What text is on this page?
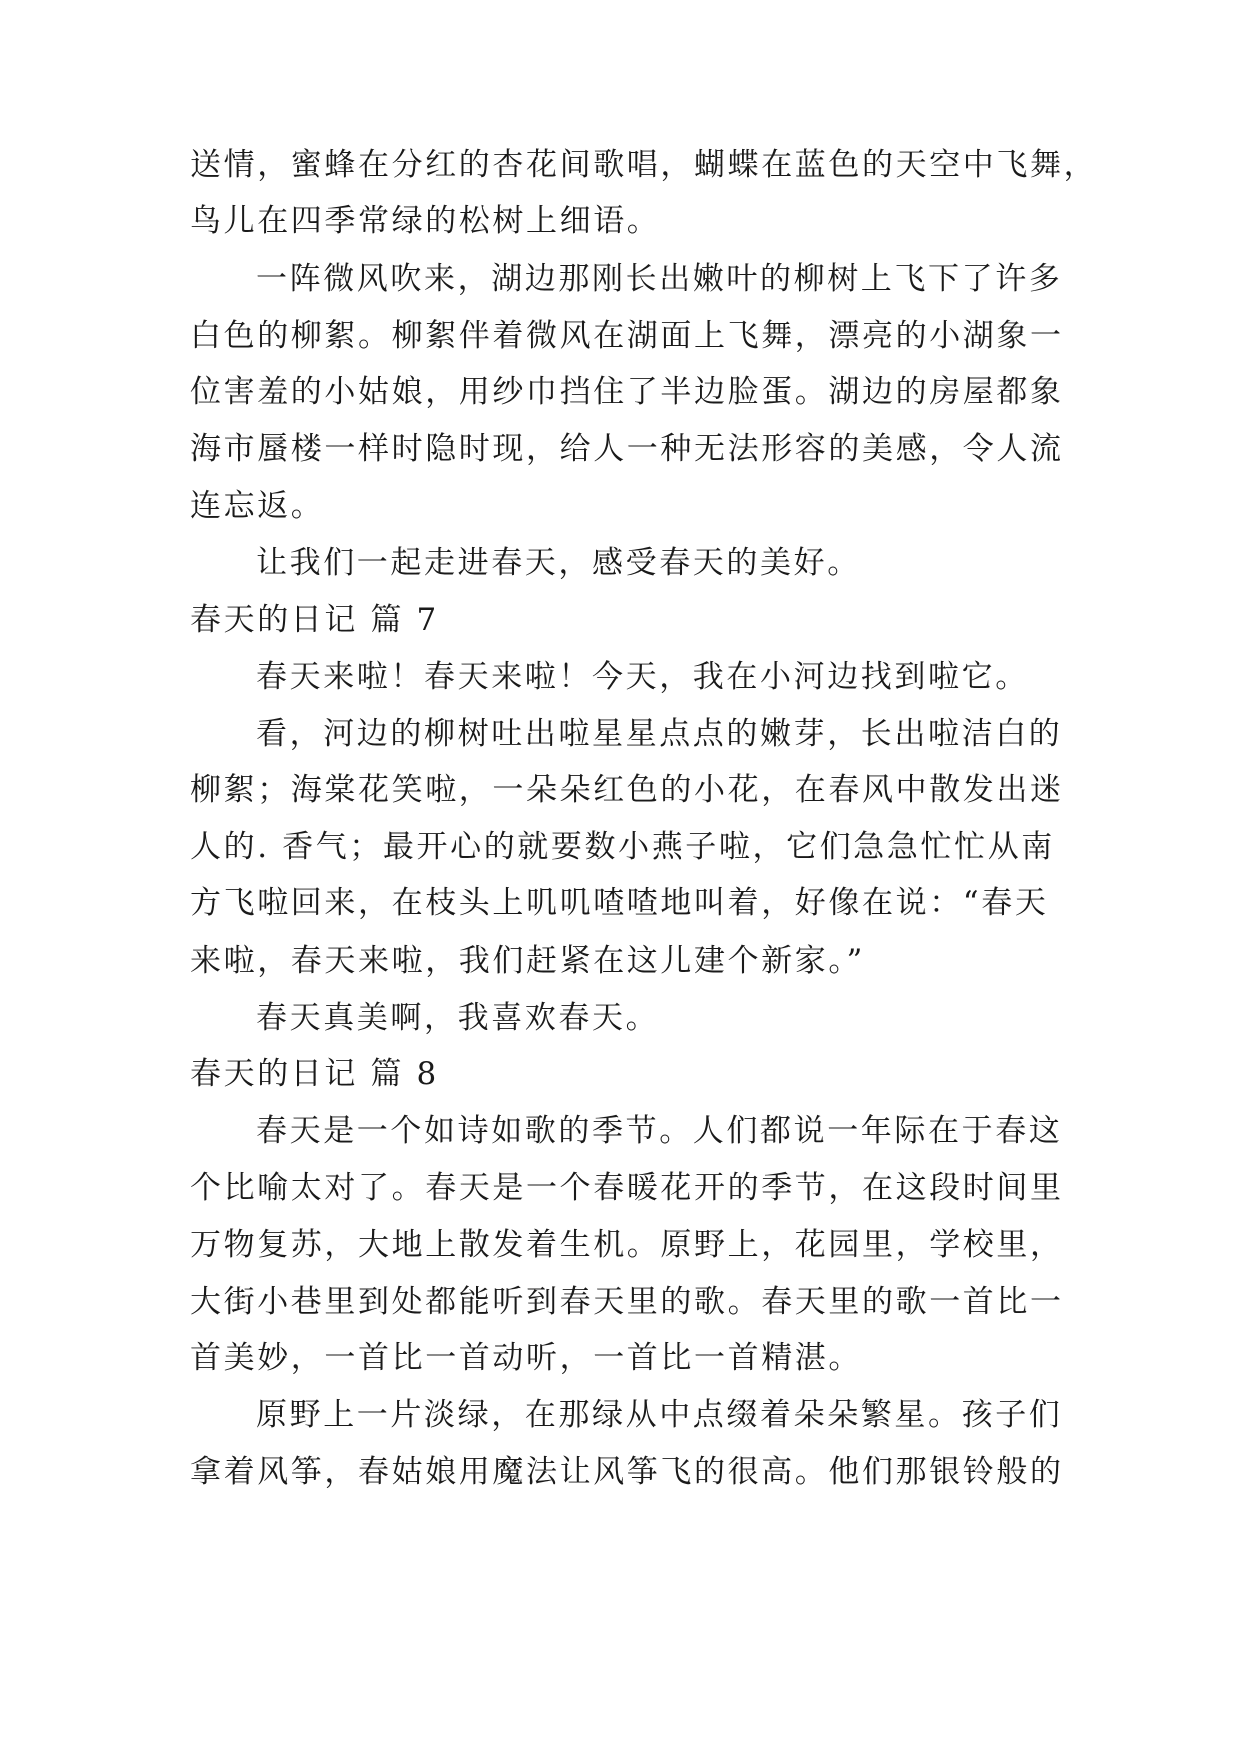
送情，蜜蜂在分红的杏花间歌唱，蝴蝶在蓝色的天空中飞舞，
鸟儿在四季常绿的松树上细语。
一阵微风吹来，湖边那刚长出嫩叶的柳树上飞下了许多
白色的柳絮。柳絮伴着微风在湖面上飞舞，漂亮的小湖象一
位害羞的小姑娘，用纱巾挡住了半边脸蛋。湖边的房屋都象
海市蜃楼一样时隐时现，给人一种无法形容的美感，令人流
连忘返。
让我们一起走进春天，感受春天的美好。
春天的日记 篇 7
春天来啦！春天来啦！今天，我在小河边找到啦它。
看，河边的柳树吐出啦星星点点的嫩芽，长出啦洁白的
柳絮；海棠花笑啦，一朵朵红色的小花，在春风中散发出迷
人的. 香气；最开心的就要数小燕子啦，它们急急忙忙从南
方飞啦回来，在枝头上叽叽喳喳地叫着，好像在说：“春天
来啦，春天来啦，我们赶紧在这儿建个新家。”
春天真美啊，我喜欢春天。
春天的日记 篇 8
春天是一个如诗如歌的季节。人们都说一年际在于春这
个比喻太对了。春天是一个春暖花开的季节，在这段时间里
万物复苏，大地上散发着生机。原野上，花园里，学校里，
大街小巷里到处都能听到春天里的歌。春天里的歌一首比一
首美妙，一首比一首动听，一首比一首精湛。
原野上一片淡绿，在那绿从中点缀着朵朵繁星。孩子们
拿着风筝，春姑娘用魔法让风筝飞的很高。他们那银铃般的
